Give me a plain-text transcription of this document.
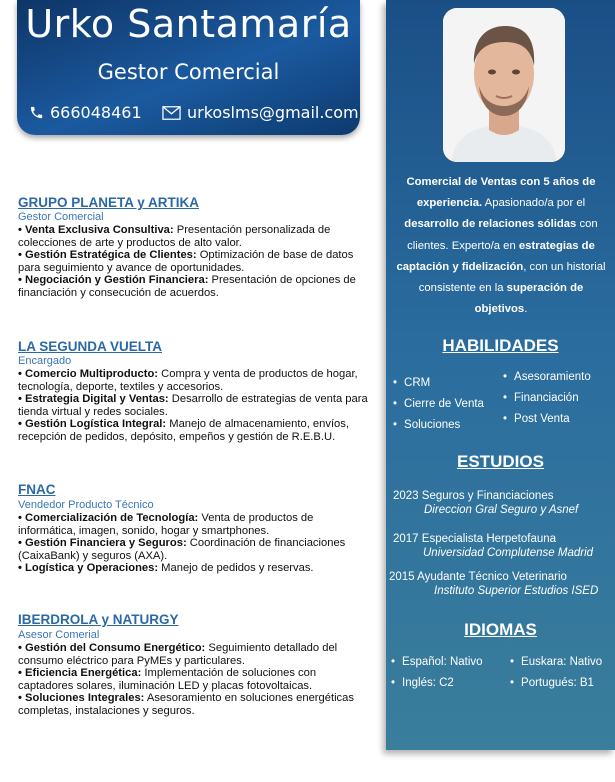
Urko Santamaría
Gestor Comercial
666048461	urkoslms@gmail.com
Comercial de Ventas con 5 años de experiencia. Apasionado/a por el desarrollo de relaciones sólidas con clientes. Experto/a en estrategias de captación y fidelización, con un historial consistente en la superación de objetivos.
HABILIDADES
• CRM
• Cierre de Venta
• Soluciones
• Asesoramiento
• Financiación
• Post Venta
ESTUDIOS
2023 Seguros y Financiaciones
Direccion Gral Seguro y Asnef
2017 Especialista Herpetofauna
Universidad Complutense Madrid
2015 Ayudante Técnico Veterinario
Instituto Superior Estudios ISED
IDIOMAS
• Español: Nativo
• Inglés: C2
• Euskara: Nativo
• Portugués: B1
GRUPO PLANETA y ARTIKA
Gestor Comercial

• Venta Exclusiva Consultiva: Presentación personalizada de colecciones de arte y productos de alto valor.

• Gestión Estratégica de Clientes: Optimización de base de datos para seguimiento y avance de oportunidades.

• Negociación y Gestión Financiera: Presentación de opciones de financiación y consecución de acuerdos.

LA SEGUNDA VUELTA
Encargado

• Comercio Multiproducto: Compra y venta de productos de hogar, tecnología, deporte, textiles y accesorios.

• Estrategia Digital y Ventas: Desarrollo de estrategias de venta para tienda virtual y redes sociales.

• Gestión Logística Integral: Manejo de almacenamiento, envíos, recepción de pedidos, depósito, empeños y gestión de R.E.B.U.

FNAC
Vendedor Producto Técnico

• Comercialización de Tecnología: Venta de productos de informática, imagen, sonido, hogar y smartphones.

• Gestión Financiera y Seguros: Coordinación de financiaciones (CaixaBank) y seguros (AXA).

• Logística y Operaciones: Manejo de pedidos y reservas.

IBERDROLA y NATURGY
Asesor Comerial

• Gestión del Consumo Energético: Seguimiento detallado del consumo eléctrico para PyMEs y particulares.

• Eficiencia Energética: Implementación de soluciones con captadores solares, iluminación LED y placas fotovoltaicas.

• Soluciones Integrales: Asesoramiento en soluciones energéticas completas, instalaciones y seguros.
